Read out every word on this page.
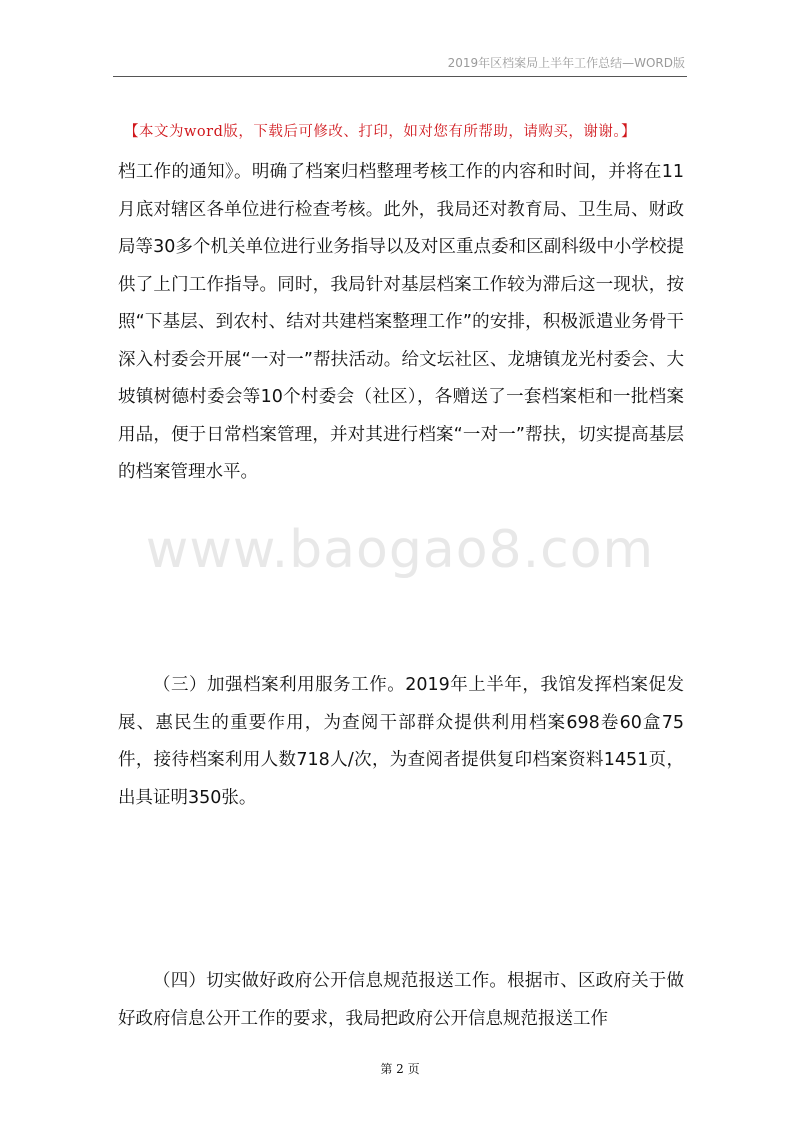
2019年区档案局上半年工作总结—WORD版
【本文为word版，下载后可修改、打印，如对您有所帮助，请购买，谢谢。】

档工作的通知》。明确了档案归档整理考核工作的内容和时间，并将在11月底对辖区各单位进行检查考核。此外，我局还对教育局、卫生局、财政局等30多个机关单位进行业务指导以及对区重点委和区副科级中小学校提供了上门工作指导。同时，我局针对基层档案工作较为滞后这一现状，按照“下基层、到农村、结对共建档案整理工作”的安排，积极派遣业务骨干深入村委会开展“一对一”帮扶活动。给文坛社区、龙塘镇龙光村委会、大坡镇树德村委会等10个村委会（社区），各赠送了一套档案柜和一批档案用品，便于日常档案管理，并对其进行档案“一对一”帮扶，切实提高基层的档案管理水平。

www.baogao8.com

（三）加强档案利用服务工作。2019年上半年，我馆发挥档案促发展、惠民生的重要作用，为查阅干部群众提供利用档案698卷60盒75件，接待档案利用人数718人/次，为查阅者提供复印档案资料1451页，出具证明350张。

（四）切实做好政府公开信息规范报送工作。根据市、区政府关于做好政府信息公开工作的要求，我局把政府公开信息规范报送工作

第 2 页
